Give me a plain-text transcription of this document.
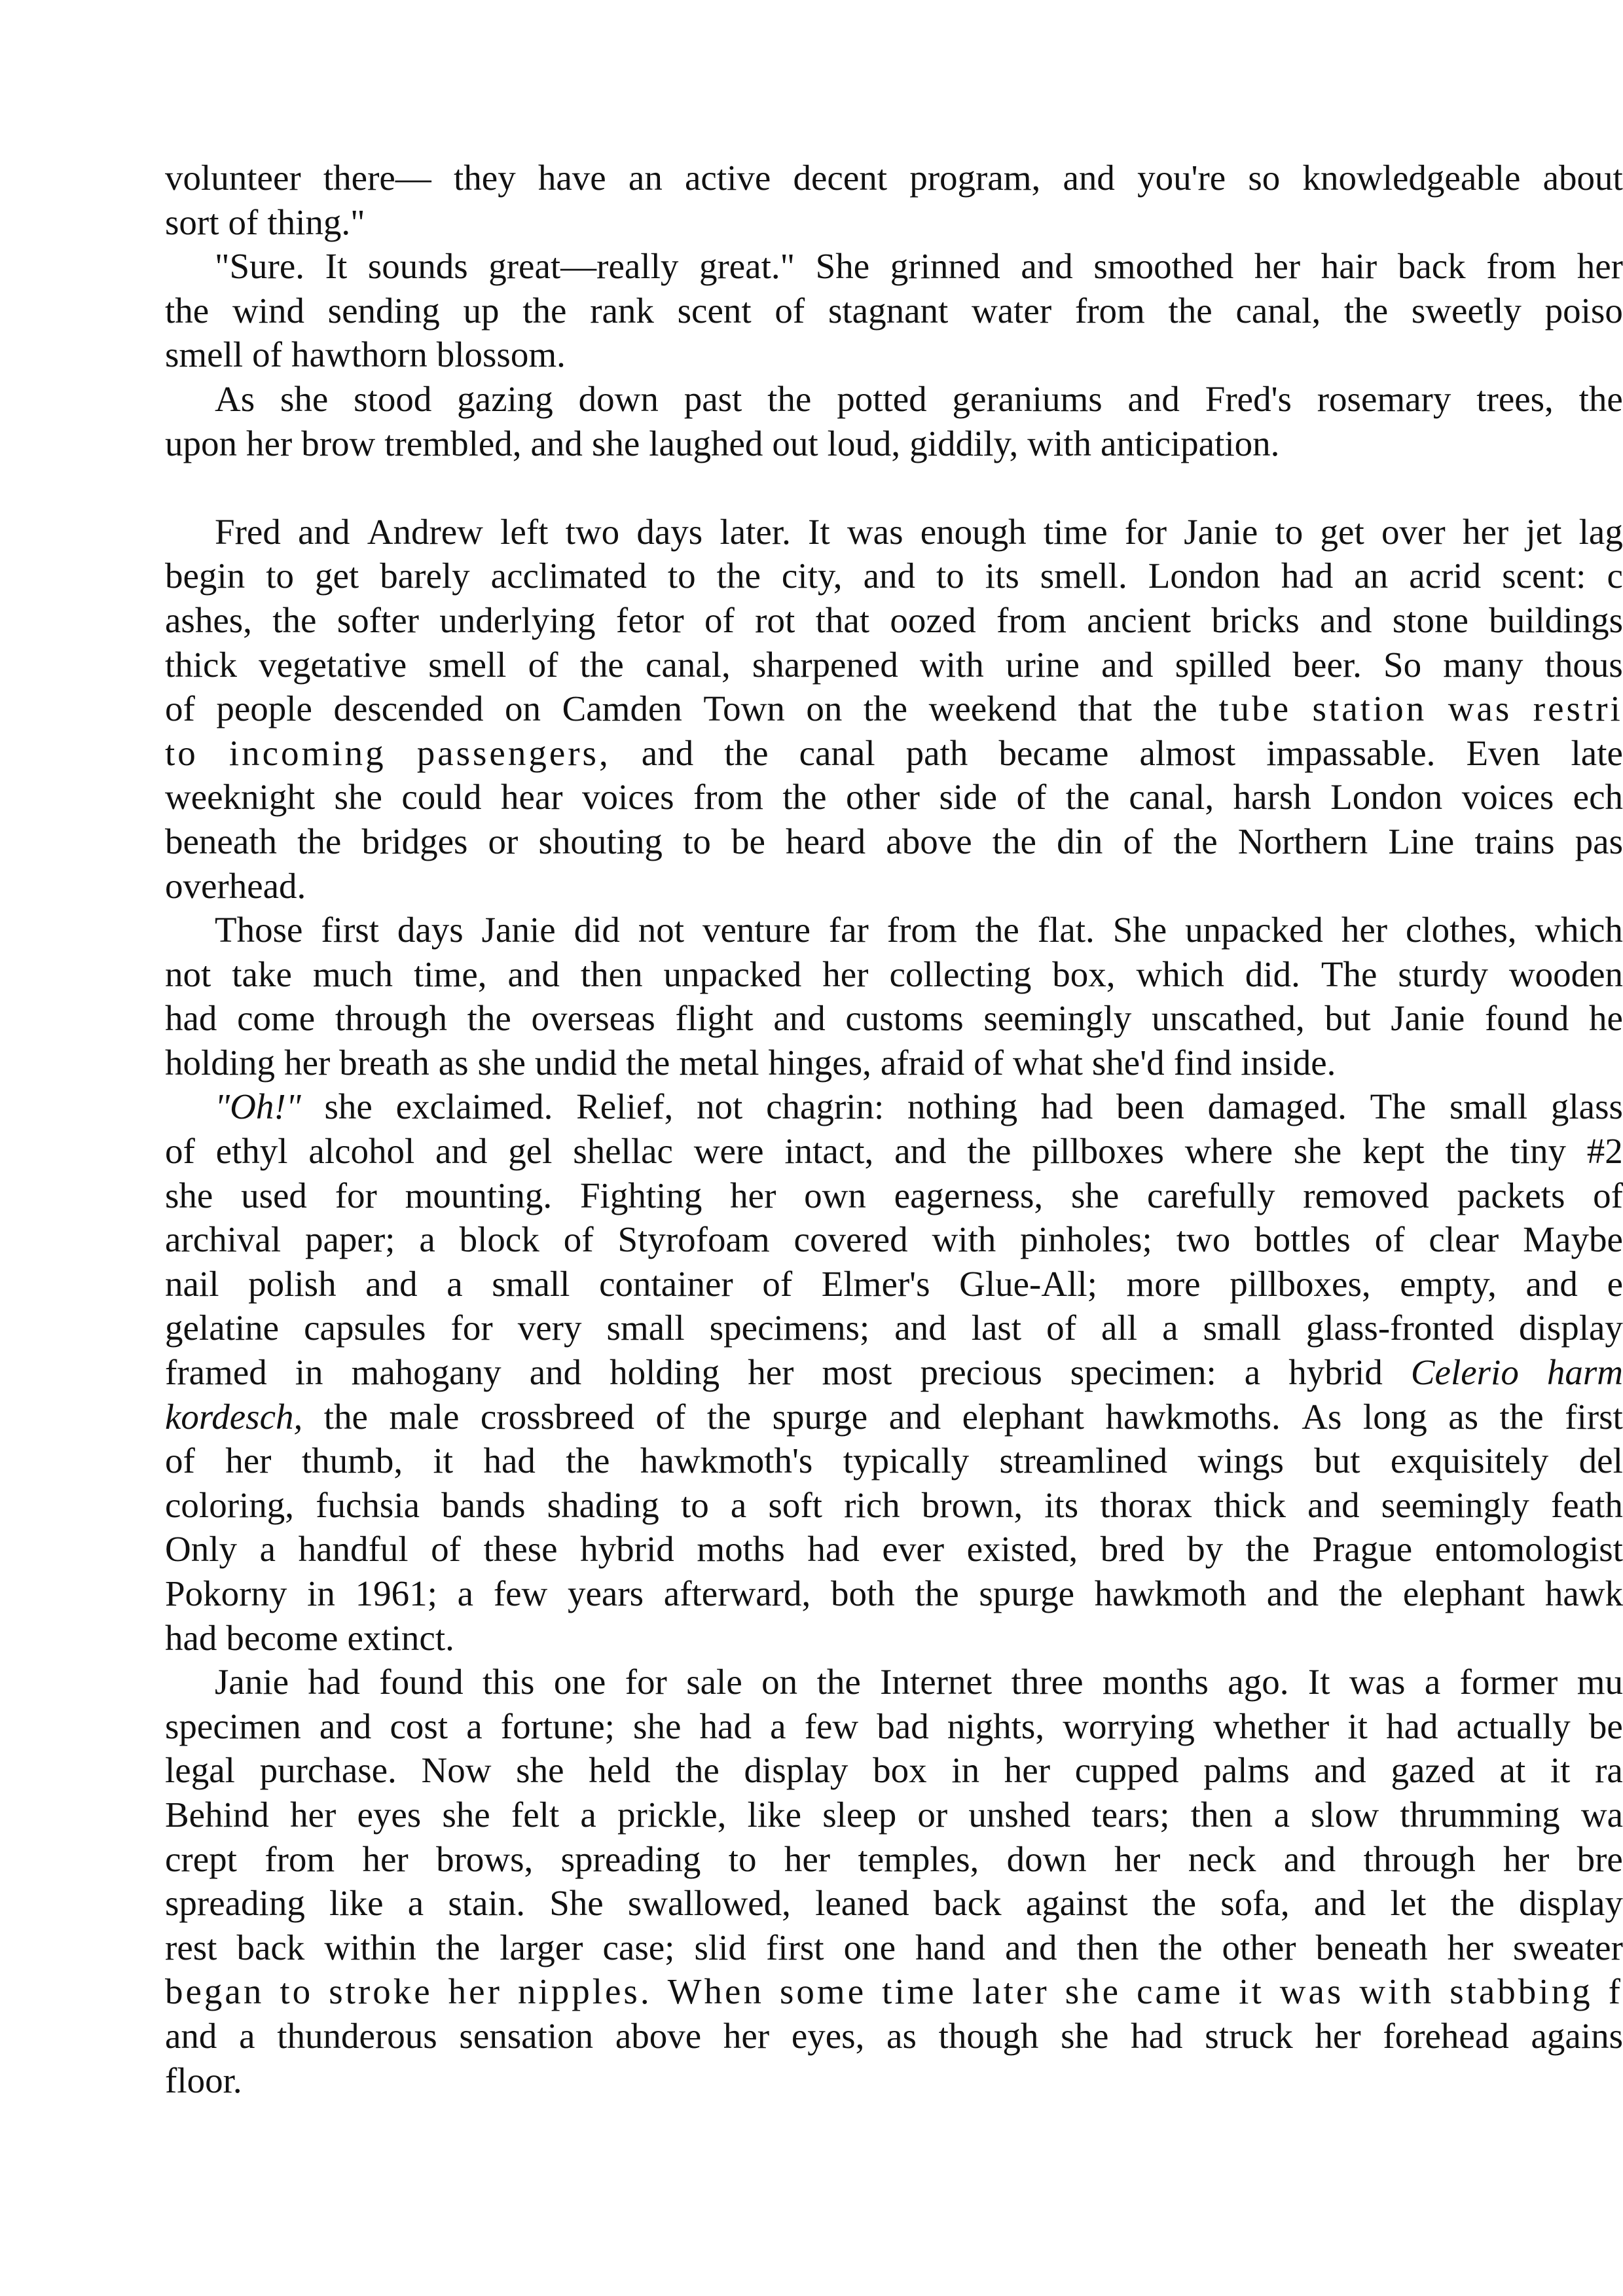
volunteer there— they have an active decent program, and you're so knowledgeable about
sort of thing."
"Sure. It sounds great—really great." She grinned and smoothed her hair back from her
the wind sending up the rank scent of stagnant water from the canal, the sweetly poiso
smell of hawthorn blossom.
As she stood gazing down past the potted geraniums and Fred's rosemary trees, the
upon her brow trembled, and she laughed out loud, giddily, with anticipation.
Fred and Andrew left two days later. It was enough time for Janie to get over her jet lag
begin to get barely acclimated to the city, and to its smell. London had an acrid scent: c
ashes, the softer underlying fetor of rot that oozed from ancient bricks and stone buildings
thick vegetative smell of the canal, sharpened with urine and spilled beer. So many thous
of people descended on Camden Town on the weekend that the tube station was restri
to incoming passengers, and the canal path became almost impassable. Even late
weeknight she could hear voices from the other side of the canal, harsh London voices ech
beneath the bridges or shouting to be heard above the din of the Northern Line trains pas
overhead.
Those first days Janie did not venture far from the flat. She unpacked her clothes, which
not take much time, and then unpacked her collecting box, which did. The sturdy wooden
had come through the overseas flight and customs seemingly unscathed, but Janie found he
holding her breath as she undid the metal hinges, afraid of what she'd find inside.
"Oh!" she exclaimed. Relief, not chagrin: nothing had been damaged. The small glass
of ethyl alcohol and gel shellac were intact, and the pillboxes where she kept the tiny #2
she used for mounting. Fighting her own eagerness, she carefully removed packets of
archival paper; a block of Styrofoam covered with pinholes; two bottles of clear Maybe
nail polish and a small container of Elmer's Glue-All; more pillboxes, empty, and e
gelatine capsules for very small specimens; and last of all a small glass-fronted display
framed in mahogany and holding her most precious specimen: a hybrid Celerio harm
kordesch, the male crossbreed of the spurge and elephant hawkmoths. As long as the first
of her thumb, it had the hawkmoth's typically streamlined wings but exquisitely del
coloring, fuchsia bands shading to a soft rich brown, its thorax thick and seemingly feath
Only a handful of these hybrid moths had ever existed, bred by the Prague entomologist
Pokorny in 1961; a few years afterward, both the spurge hawkmoth and the elephant hawk
had become extinct.
Janie had found this one for sale on the Internet three months ago. It was a former mu
specimen and cost a fortune; she had a few bad nights, worrying whether it had actually be
legal purchase. Now she held the display box in her cupped palms and gazed at it ra
Behind her eyes she felt a prickle, like sleep or unshed tears; then a slow thrumming wa
crept from her brows, spreading to her temples, down her neck and through her bre
spreading like a stain. She swallowed, leaned back against the sofa, and let the display
rest back within the larger case; slid first one hand and then the other beneath her sweater
began to stroke her nipples. When some time later she came it was with stabbing f
and a thunderous sensation above her eyes, as though she had struck her forehead agains
floor.
